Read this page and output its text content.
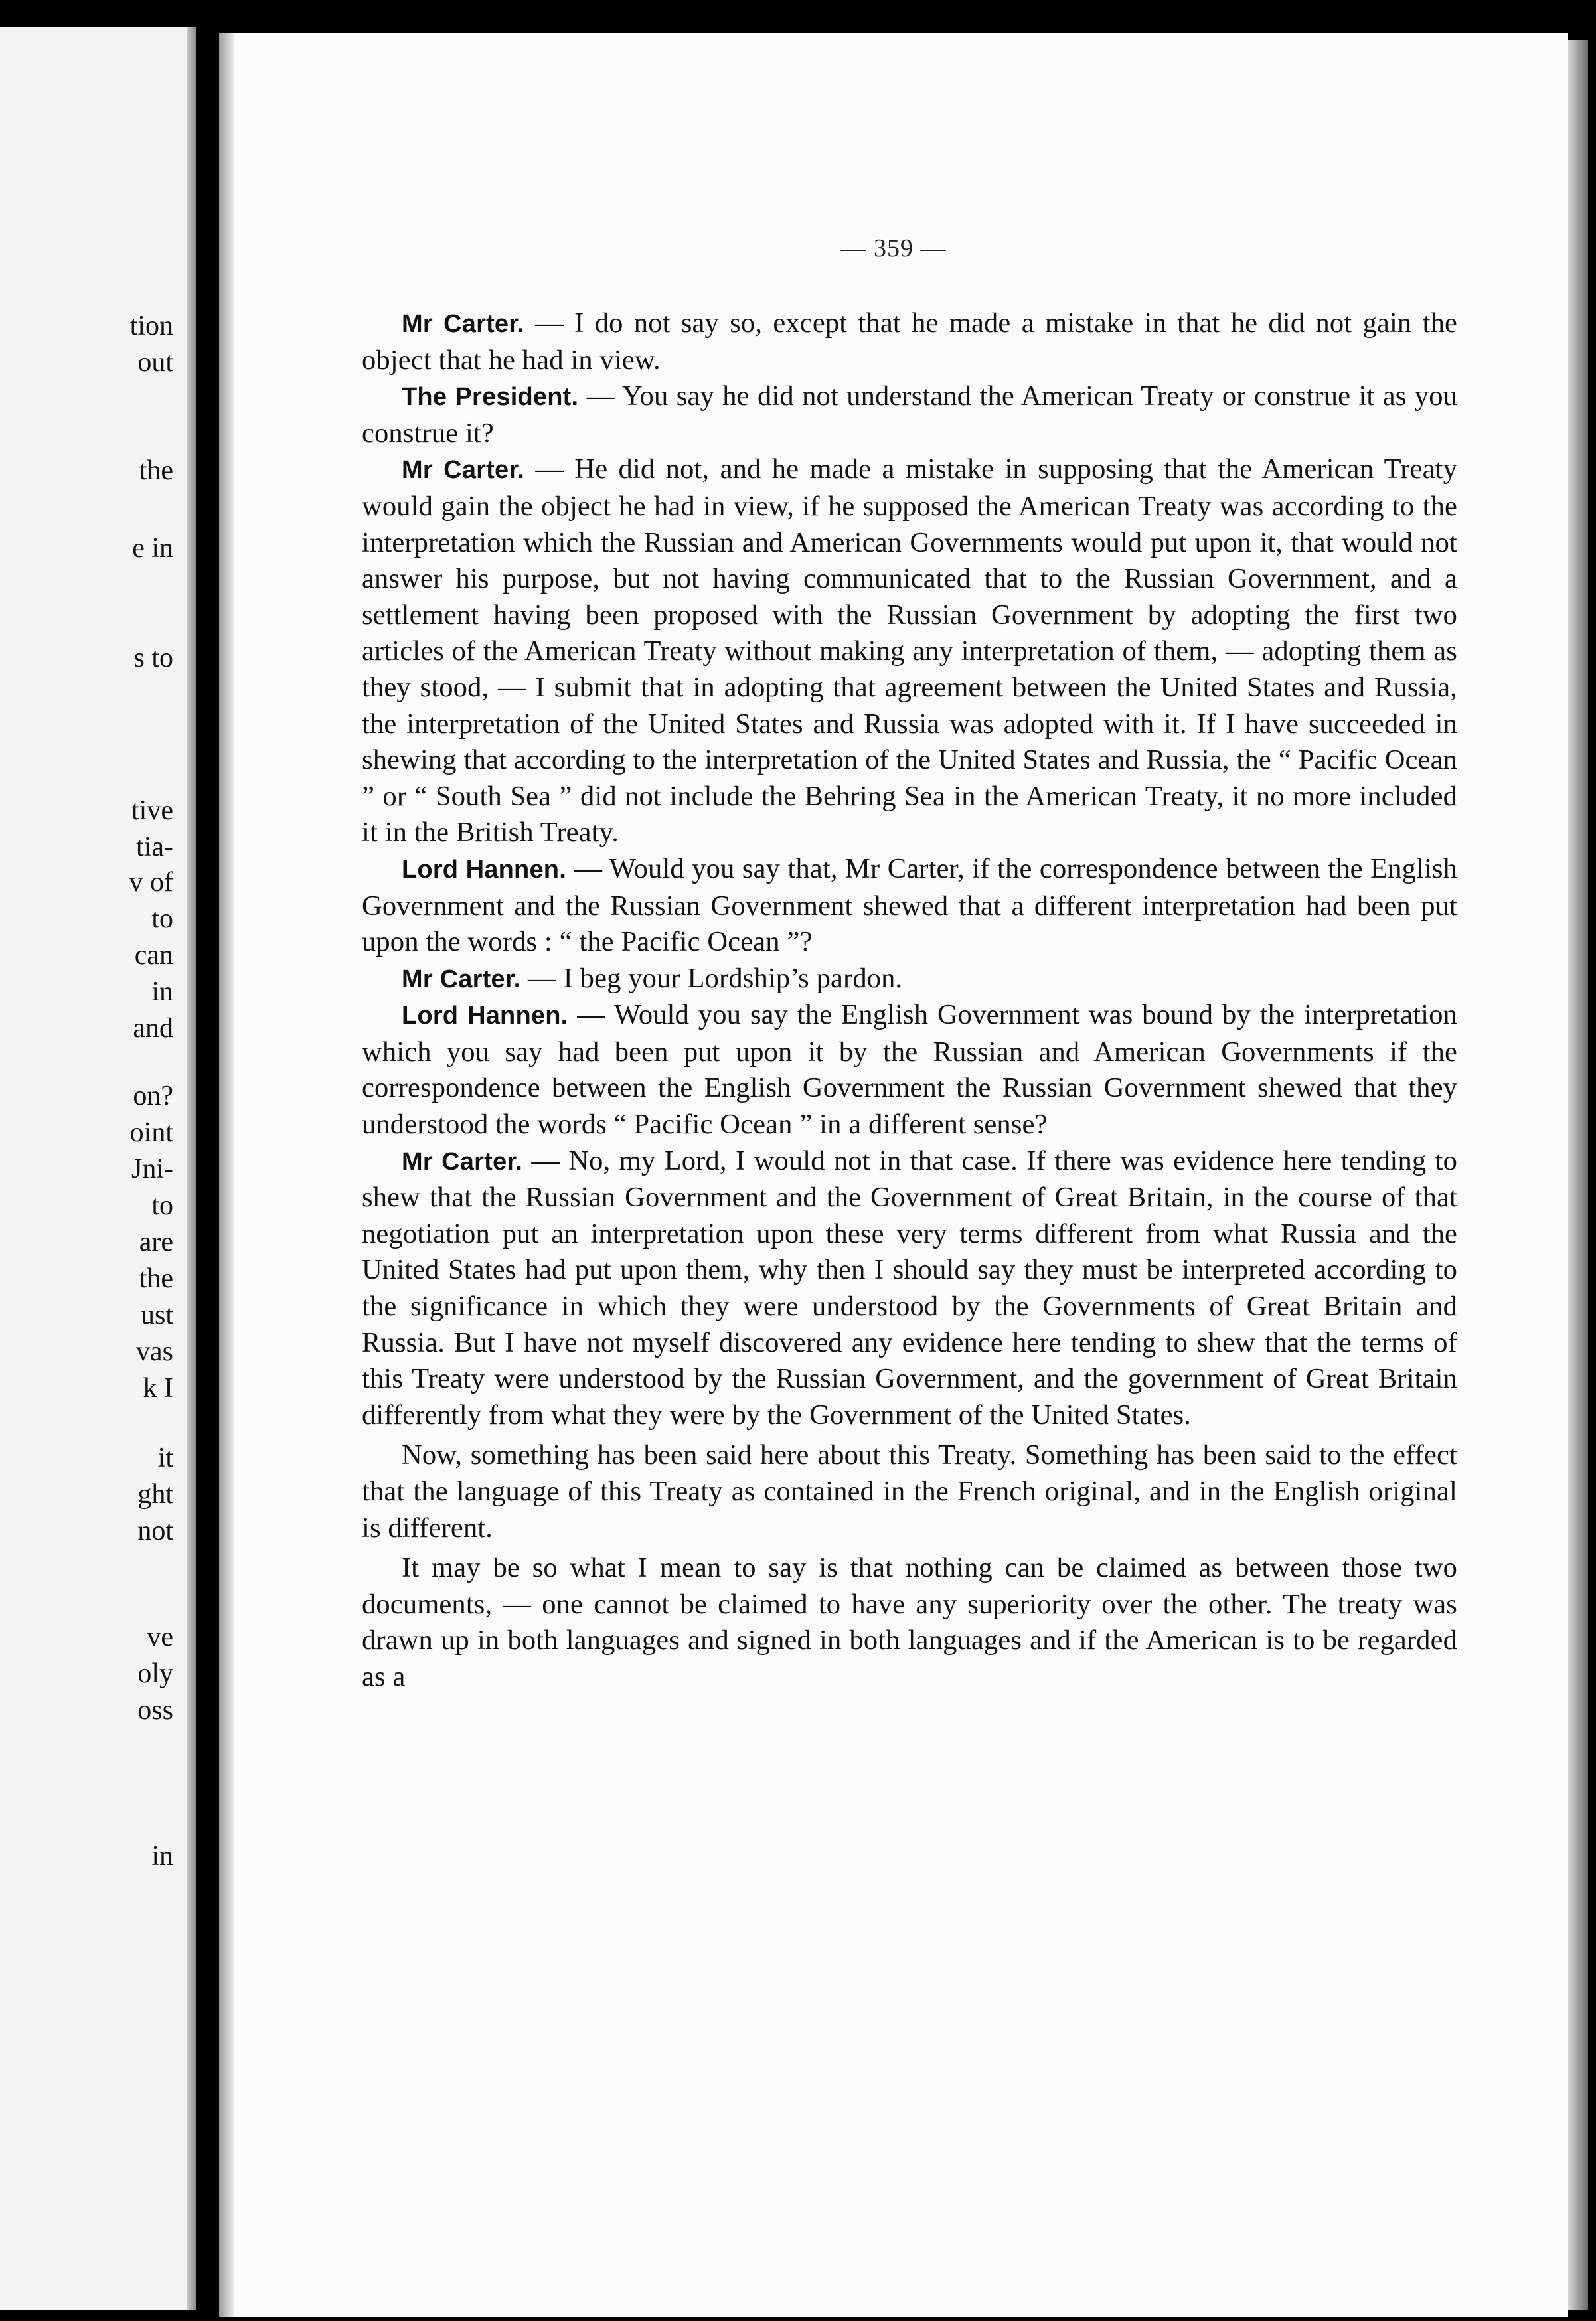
tion

out

the

e in

s to

tive

tia-

v of

to

can

in

and

on?

oint

Jni-

to

are

the

ust

vas

k I

it

ght

not

ve

oly

oss

in

— 359 —

Mr Carter. — I do not say so, except that he made a mistake in that he did not gain the object that he had in view.

The President. — You say he did not understand the American Treaty or construe it as you construe it?

Mr Carter. — He did not, and he made a mistake in supposing that the American Treaty would gain the object he had in view, if he supposed the American Treaty was according to the interpretation which the Russian and American Governments would put upon it, that would not answer his purpose, but not having communicated that to the Russian Government, and a settlement having been proposed with the Russian Government by adopting the first two articles of the American Treaty without making any interpretation of them, — adopting them as they stood, — I submit that in adopting that agreement between the United States and Russia, the interpretation of the United States and Russia was adopted with it. If I have succeeded in shewing that according to the interpretation of the United States and Russia, the “ Pacific Ocean ” or “ South Sea ” did not include the Behring Sea in the American Treaty, it no more included it in the British Treaty.

Lord Hannen. — Would you say that, Mr Carter, if the correspondence between the English Government and the Russian Government shewed that a different interpretation had been put upon the words : “ the Pacific Ocean ”?

Mr Carter. — I beg your Lordship’s pardon.

Lord Hannen. — Would you say the English Government was bound by the interpretation which you say had been put upon it by the Russian and American Governments if the correspondence between the English Government the Russian Government shewed that they understood the words “ Pacific Ocean ” in a different sense?

Mr Carter. — No, my Lord, I would not in that case. If there was evidence here tending to shew that the Russian Government and the Government of Great Britain, in the course of that negotiation put an interpretation upon these very terms different from what Russia and the United States had put upon them, why then I should say they must be interpreted according to the significance in which they were understood by the Governments of Great Britain and Russia. But I have not myself discovered any evidence here tending to shew that the terms of this Treaty were understood by the Russian Government, and the government of Great Britain differently from what they were by the Government of the United States.

Now, something has been said here about this Treaty. Something has been said to the effect that the language of this Treaty as contained in the French original, and in the English original is different.

It may be so what I mean to say is that nothing can be claimed as between those two documents, — one cannot be claimed to have any superiority over the other. The treaty was drawn up in both languages and signed in both languages and if the American is to be regarded as a
